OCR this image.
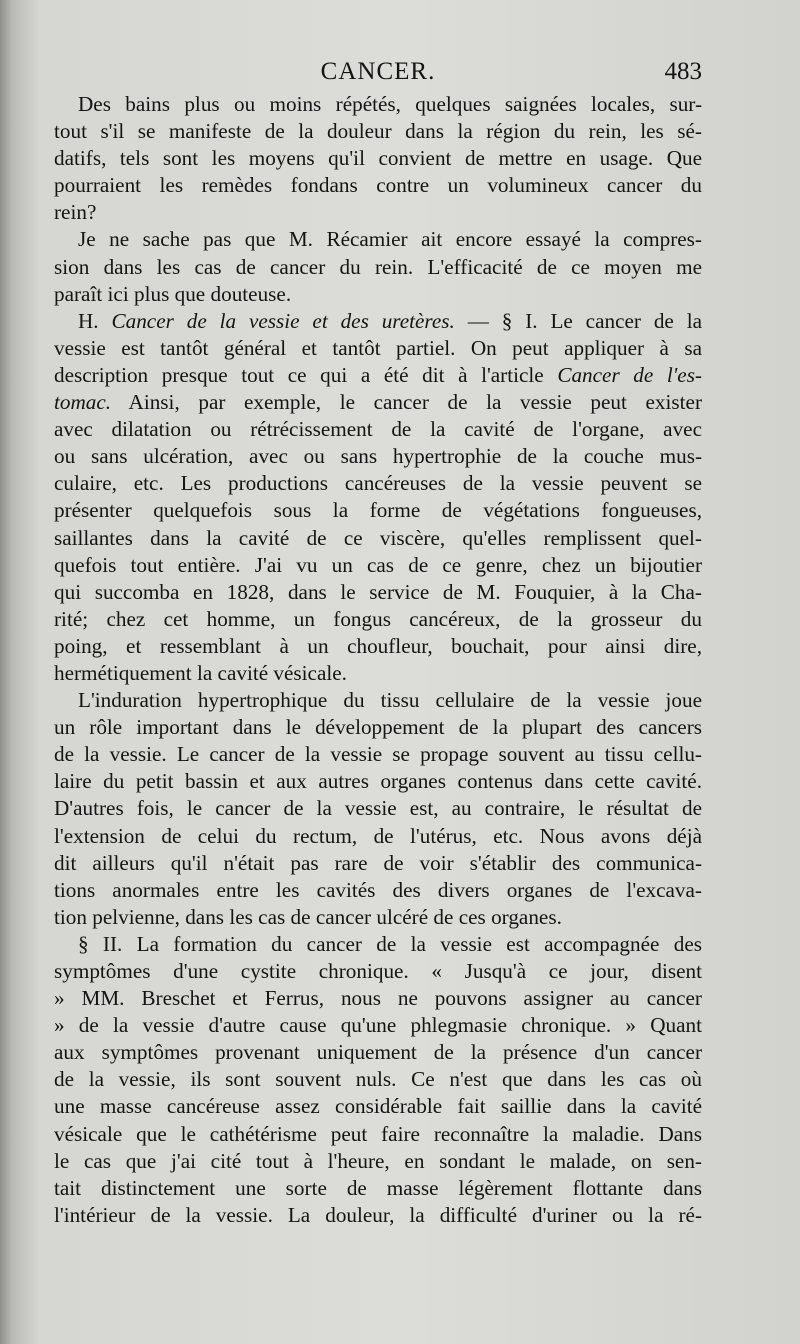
CANCER.	483
Des bains plus ou moins répétés, quelques saignées locales, sur-
tout s'il se manifeste de la douleur dans la région du rein, les sé-
datifs, tels sont les moyens qu'il convient de mettre en usage. Que
pourraient les remèdes fondans contre un volumineux cancer du
rein?
Je ne sache pas que M. Récamier ait encore essayé la compres-
sion dans les cas de cancer du rein. L'efficacité de ce moyen me
paraît ici plus que douteuse.
H. Cancer de la vessie et des uretères. — § I. Le cancer de la
vessie est tantôt général et tantôt partiel. On peut appliquer à sa
description presque tout ce qui a été dit à l'article Cancer de l'es-
tomac. Ainsi, par exemple, le cancer de la vessie peut exister
avec dilatation ou rétrécissement de la cavité de l'organe, avec
ou sans ulcération, avec ou sans hypertrophie de la couche mus-
culaire, etc. Les productions cancéreuses de la vessie peuvent se
présenter quelquefois sous la forme de végétations fongueuses,
saillantes dans la cavité de ce viscère, qu'elles remplissent quel-
quefois tout entière. J'ai vu un cas de ce genre, chez un bijoutier
qui succomba en 1828, dans le service de M. Fouquier, à la Cha-
rité; chez cet homme, un fongus cancéreux, de la grosseur du
poing, et ressemblant à un choufleur, bouchait, pour ainsi dire,
hermétiquement la cavité vésicale.
L'induration hypertrophique du tissu cellulaire de la vessie joue
un rôle important dans le développement de la plupart des cancers
de la vessie. Le cancer de la vessie se propage souvent au tissu cellu-
laire du petit bassin et aux autres organes contenus dans cette cavité.
D'autres fois, le cancer de la vessie est, au contraire, le résultat de
l'extension de celui du rectum, de l'utérus, etc. Nous avons déjà
dit ailleurs qu'il n'était pas rare de voir s'établir des communica-
tions anormales entre les cavités des divers organes de l'excava-
tion pelvienne, dans les cas de cancer ulcéré de ces organes.
§ II. La formation du cancer de la vessie est accompagnée des
symptômes d'une cystite chronique. « Jusqu'à ce jour, disent
» MM. Breschet et Ferrus, nous ne pouvons assigner au cancer
» de la vessie d'autre cause qu'une phlegmasie chronique. » Quant
aux symptômes provenant uniquement de la présence d'un cancer
de la vessie, ils sont souvent nuls. Ce n'est que dans les cas où
une masse cancéreuse assez considérable fait saillie dans la cavité
vésicale que le cathétérisme peut faire reconnaître la maladie. Dans
le cas que j'ai cité tout à l'heure, en sondant le malade, on sen-
tait distinctement une sorte de masse légèrement flottante dans
l'intérieur de la vessie. La douleur, la difficulté d'uriner ou la ré-
